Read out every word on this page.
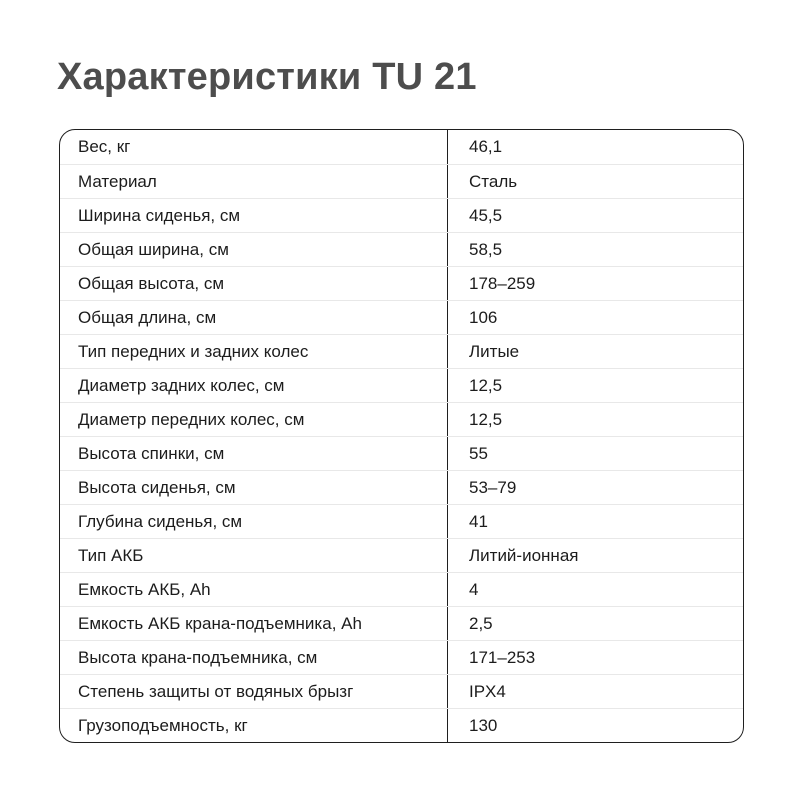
Характеристики TU 21
Вес, кг	46,1
Материал	Сталь
Ширина сиденья, см	45,5
Общая ширина, см	58,5
Общая высота, см	178–259
Общая длина, см	106
Тип передних и задних колес	Литые
Диаметр задних колес, см	12,5
Диаметр передних колес, см	12,5
Высота спинки, см	55
Высота сиденья, см	53–79
Глубина сиденья, см	41
Тип АКБ	Литий-ионная
Емкость АКБ, Ah	4
Емкость АКБ крана-подъемника, Ah	2,5
Высота крана-подъемника, см	171–253
Степень защиты от водяных брызг	IPX4
Грузоподъемность, кг	130
